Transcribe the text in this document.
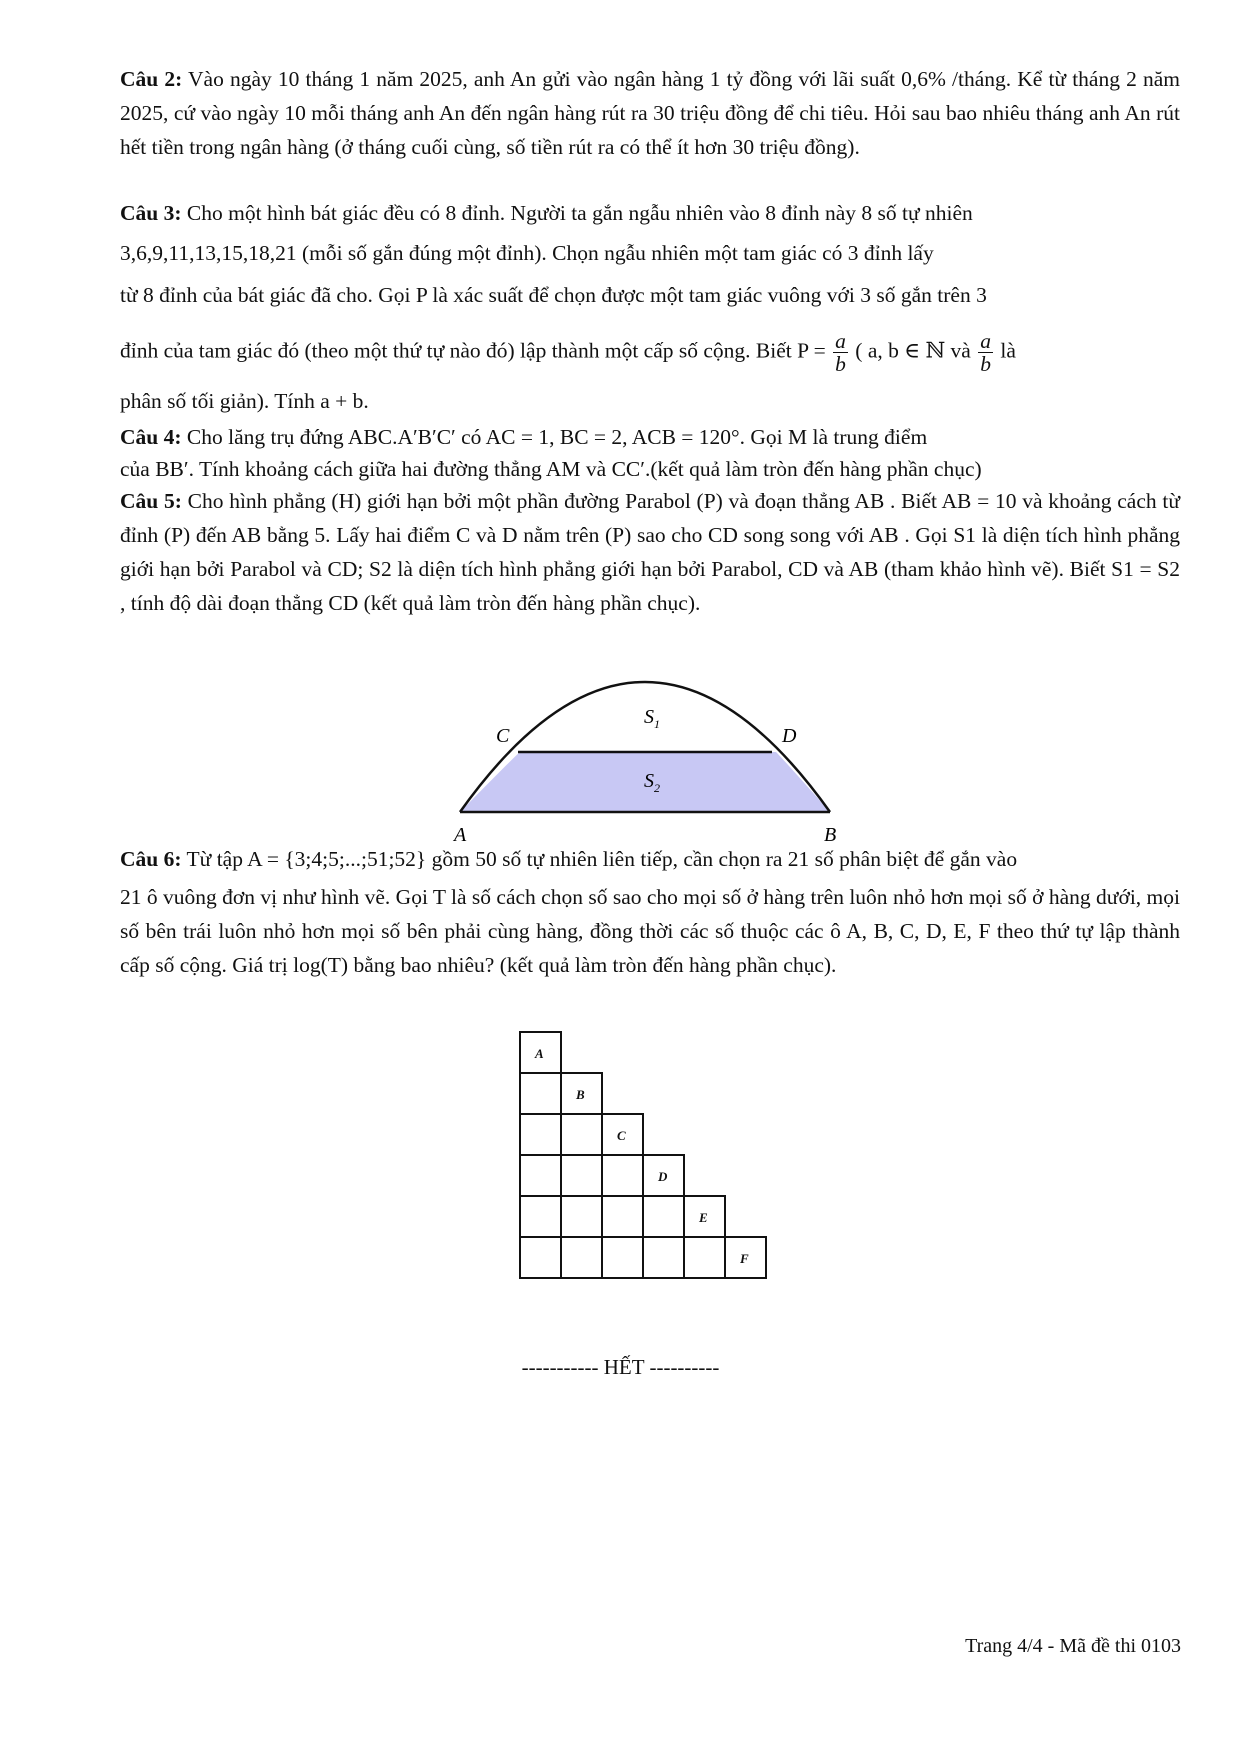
Câu 2: Vào ngày 10 tháng 1 năm 2025, anh An gửi vào ngân hàng 1 tỷ đồng với lãi suất 0,6% /tháng. Kể từ tháng 2 năm 2025, cứ vào ngày 10 mỗi tháng anh An đến ngân hàng rút ra 30 triệu đồng để chi tiêu. Hỏi sau bao nhiêu tháng anh An rút hết tiền trong ngân hàng (ở tháng cuối cùng, số tiền rút ra có thể ít hơn 30 triệu đồng).
Câu 3: Cho một hình bát giác đều có 8 đỉnh. Người ta gắn ngẫu nhiên vào 8 đỉnh này 8 số tự nhiên
3,6,9,11,13,15,18,21 (mỗi số gắn đúng một đỉnh). Chọn ngẫu nhiên một tam giác có 3 đỉnh lấy
từ 8 đỉnh của bát giác đã cho. Gọi P là xác suất để chọn được một tam giác vuông với 3 số gắn trên 3
đỉnh của tam giác đó (theo một thứ tự nào đó) lập thành một cấp số cộng. Biết $P = \frac{a}{b}$ ( a, b ∈ ℕ và $\frac{a}{b}$ là
phân số tối giản). Tính a + b.
Câu 4: Cho lăng trụ đứng ABC.A′B′C′ có AC = 1, BC = 2, ACB = 120°. Gọi M là trung điểm
của BB′. Tính khoảng cách giữa hai đường thẳng AM và CC′.(kết quả làm tròn đến hàng phần chục)
Câu 5: Cho hình phẳng (H) giới hạn bởi một phần đường Parabol (P) và đoạn thẳng AB . Biết AB = 10 và khoảng cách từ đỉnh (P) đến AB bằng 5. Lấy hai điểm C và D nằm trên (P) sao cho CD song song với AB . Gọi S1 là diện tích hình phẳng giới hạn bởi Parabol và CD; S2 là diện tích hình phẳng giới hạn bởi Parabol, CD và AB (tham khảo hình vẽ). Biết S1 = S2 , tính độ dài đoạn thẳng CD (kết quả làm tròn đến hàng phần chục).
C	D
A	B
$S_1$
$S_2$
Câu 6: Từ tập A = {3;4;5;...;51;52} gồm 50 số tự nhiên liên tiếp, cần chọn ra 21 số phân biệt để gắn vào
21 ô vuông đơn vị như hình vẽ. Gọi T là số cách chọn số sao cho mọi số ở hàng trên luôn nhỏ hơn mọi số ở hàng dưới, mọi số bên trái luôn nhỏ hơn mọi số bên phải cùng hàng, đồng thời các số thuộc các ô A, B, C, D, E, F theo thứ tự lập thành cấp số cộng. Giá trị log(T) bằng bao nhiêu? (kết quả làm tròn đến hàng phần chục).
A
B
C
D
E
F
----------- HẾT ----------
Trang 4/4 - Mã đề thi 0103
